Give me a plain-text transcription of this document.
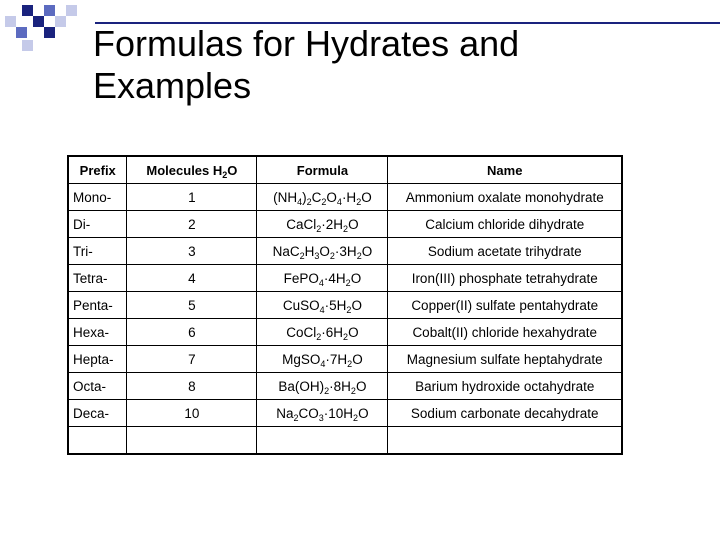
Formulas for Hydrates and
Examples
Prefix	Molecules $H_2O$	Formula	Name
Mono-	1	$(NH_4)_2C_2O_4\cdot H_2O$	Ammonium oxalate monohydrate
Di-	2	$CaCl_2\cdot 2H_2O$	Calcium chloride dihydrate
Tri-	3	$NaC_2H_3O_2\cdot 3H_2O$	Sodium acetate trihydrate
Tetra-	4	$FePO_4\cdot 4H_2O$	Iron(III) phosphate tetrahydrate
Penta-	5	$CuSO_4\cdot 5H_2O$	Copper(II) sulfate pentahydrate
Hexa-	6	$CoCl_2\cdot 6H_2O$	Cobalt(II) chloride hexahydrate
Hepta-	7	$MgSO_4\cdot 7H_2O$	Magnesium sulfate heptahydrate
Octa-	8	$Ba(OH)_2\cdot 8H_2O$	Barium hydroxide octahydrate
Deca-	10	$Na_2CO_3\cdot 10H_2O$	Sodium carbonate decahydrate
